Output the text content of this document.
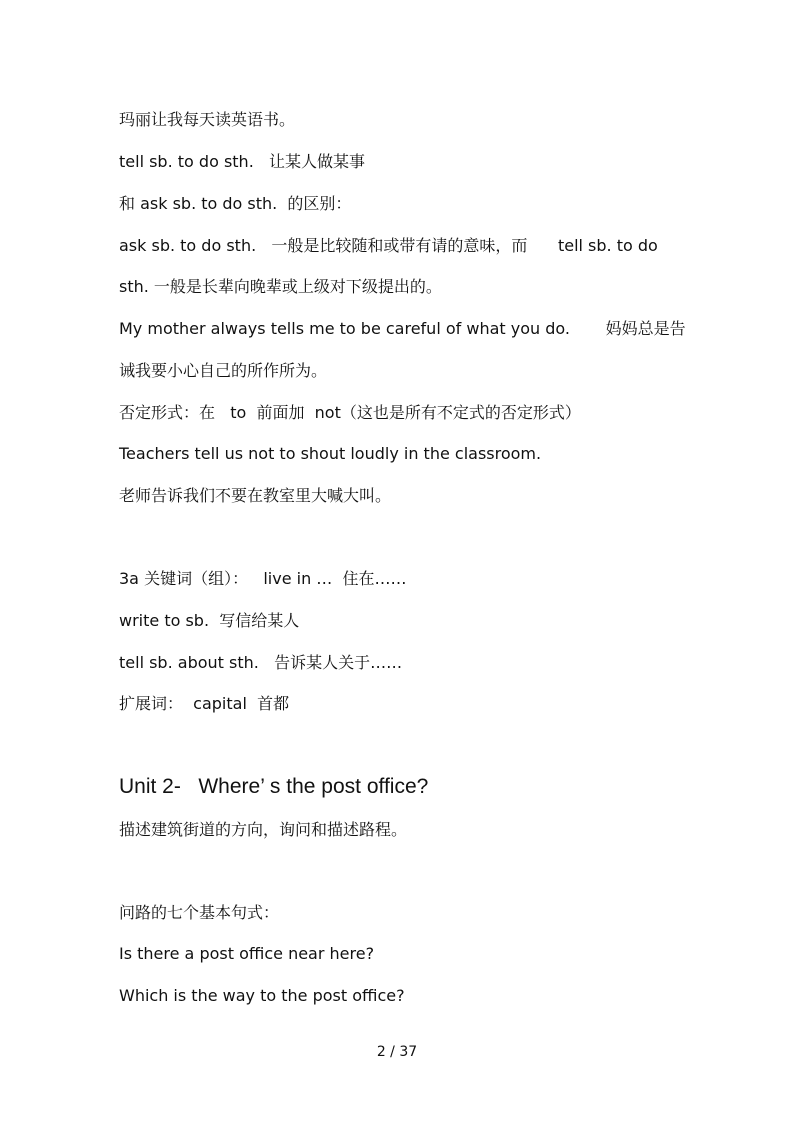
玛丽让我每天读英语书。
tell sb. to do sth.   让某人做某事
和 ask sb. to do sth.  的区别：
ask sb. to do sth.   一般是比较随和或带有请的意味，而      tell sb. to do
sth. 一般是长辈向晚辈或上级对下级提出的。
My mother always tells me to be careful of what you do.       妈妈总是告
诫我要小心自己的所作所为。
否定形式：在   to  前面加  not（这也是所有不定式的否定形式）
Teachers tell us not to shout loudly in the classroom.
老师告诉我们不要在教室里大喊大叫。
3a 关键词（组）：   live in …  住在……
write to sb.  写信给某人
tell sb. about sth.   告诉某人关于……
扩展词：  capital  首都
Unit 2-   Where’ s the post office?
描述建筑街道的方向，询问和描述路程。
问路的七个基本句式：
Is there a post office near here?
Which is the way to the post office?
2 / 37
